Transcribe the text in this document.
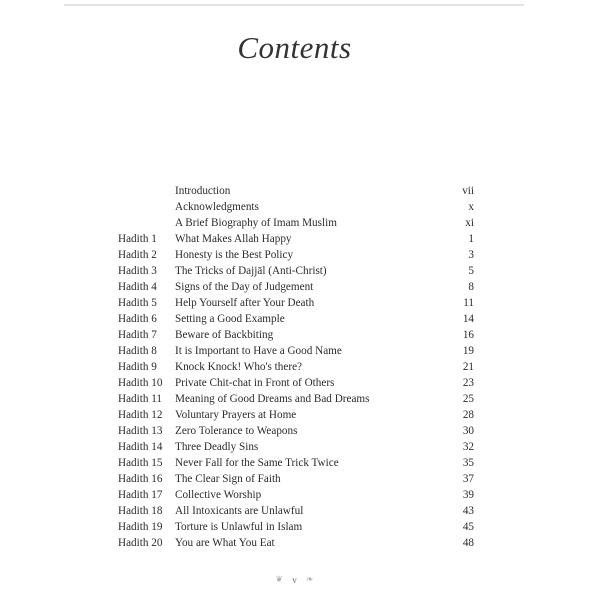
Contents
Introduction	vii
Acknowledgments	x
A Brief Biography of Imam Muslim	xi
Hadith 1 What Makes Allah Happy	1
Hadith 2 Honesty is the Best Policy	3
Hadith 3 The Tricks of Dajjāl (Anti-Christ)	5
Hadith 4 Signs of the Day of Judgement	8
Hadith 5 Help Yourself after Your Death	11
Hadith 6 Setting a Good Example	14
Hadith 7 Beware of Backbiting	16
Hadith 8 It is Important to Have a Good Name	19
Hadith 9 Knock Knock! Who's there?	21
Hadith 10 Private Chit-chat in Front of Others	23
Hadith 11 Meaning of Good Dreams and Bad Dreams	25
Hadith 12 Voluntary Prayers at Home	28
Hadith 13 Zero Tolerance to Weapons	30
Hadith 14 Three Deadly Sins	32
Hadith 15 Never Fall for the Same Trick Twice	35
Hadith 16 The Clear Sign of Faith	37
Hadith 17 Collective Worship	39
Hadith 18 All Intoxicants are Unlawful	43
Hadith 19 Torture is Unlawful in Islam	45
Hadith 20 You are What You Eat	48
❦ v ❧
